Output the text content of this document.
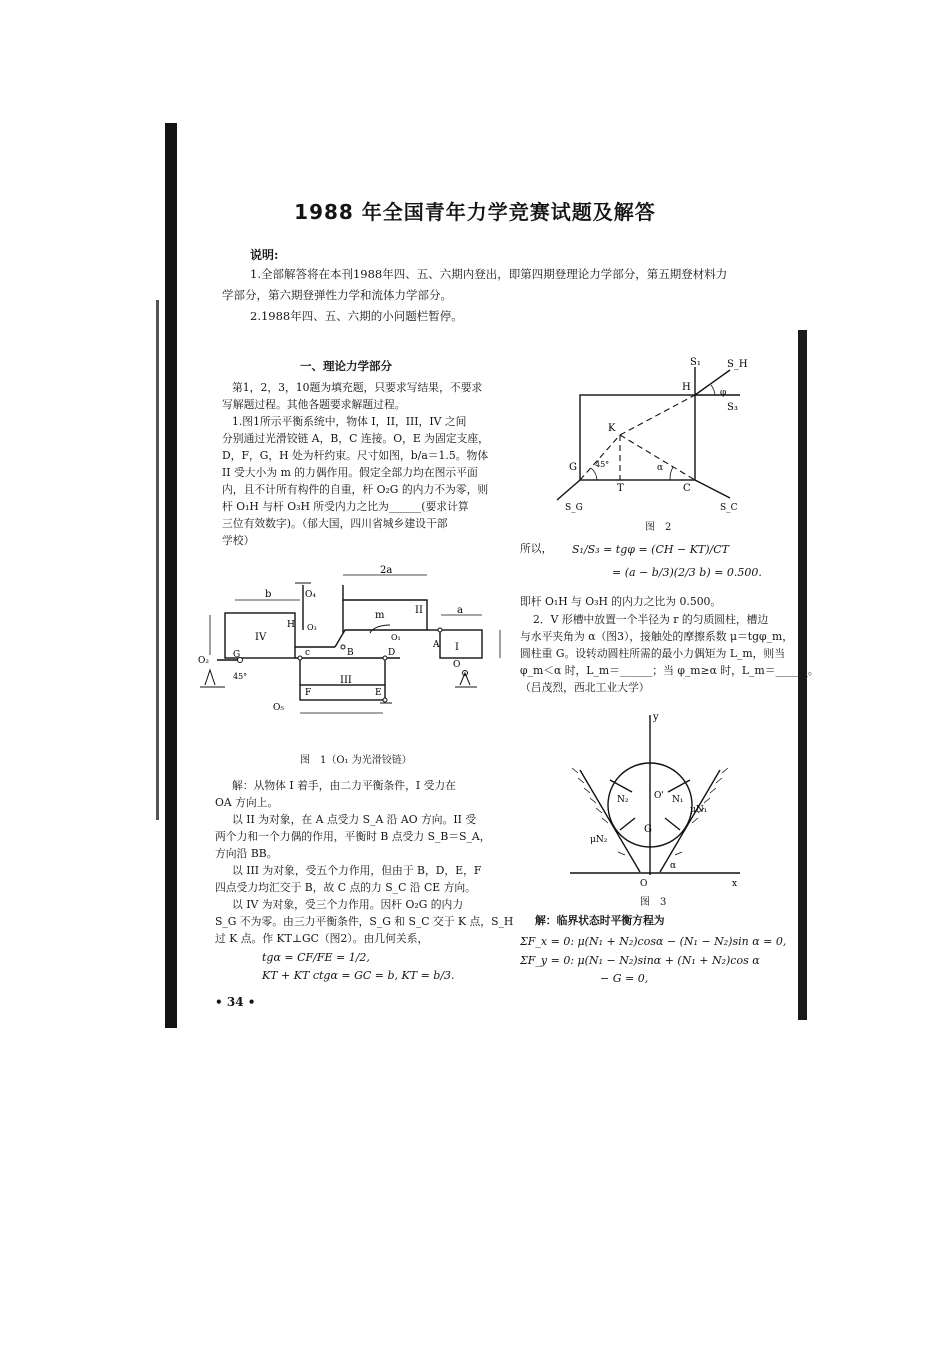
1988 年全国青年力学竞赛试题及解答
说明:
1.全部解答将在本刊1988年四、五、六期内登出，即第四期登理论力学部分，第五期登材料力
学部分，第六期登弹性力学和流体力学部分。
2.1988年四、五、六期的小问题栏暂停。
一、理论力学部分
第1，2，3，10题为填充题，只要求写结果，不要求
写解题过程。其他各题要求解题过程。
1.图1所示平衡系统中，物体 I，II，III，IV 之间
分别通过光滑铰链 A，B，C 连接。O，E 为固定支座，
D，F，G，H 处为杆约束。尺寸如图，b/a＝1.5。物体
II 受大小为 m 的力偶作用。假定全部力均在图示平面
内，且不计所有构件的自重，杆 O₂G 的内力不为零，则
杆 O₁H 与杆 O₃H 所受内力之比为______(要求计算
三位有效数字)。（郁大国，四川省城乡建设干部
学校）
b
2a
a
O₄
H O₃
IV
II
I
III
m
O₁
O₂
G	c	B	D
A
O
F	E
O₅
45°
图　1（O₁ 为光滑铰链）
解：从物体 I 着手，由二力平衡条件，I 受力在
OA 方向上。
以 II 为对象，在 A 点受力 S_A 沿 AO 方向。II 受
两个力和一个力偶的作用，平衡时 B 点受力 S_B＝S_A，
方向沿 BB。
以 III 为对象，受五个力作用，但由于 B，D，E，F
四点受力均汇交于 B，故 C 点的力 S_C 沿 CE 方向。
以 IV 为对象，受三个力作用。因杆 O₂G 的内力
S_G 不为零。由三力平衡条件，S_G 和 S_C 交于 K 点，S_H
过 K 点。作 KT⊥GC（图2）。由几何关系，
tgα = CF/FE = 1/2,
KT + KT ctgα = GC = b, KT = b/3.
• 34 •
S₁	S_H
S₃
H	φ
K
G 45°	α
T	C
S_G	S_C
图　2
所以， S₁/S₃ = tgφ = (CH − KT)/CT
= (a − b/3)(2/3 b) = 0.500.
即杆 O₁H 与 O₃H 的内力之比为 0.500。
2．V 形槽中放置一个半径为 r 的匀质圆柱，槽边
与水平夹角为 α（图3），接触处的摩擦系数 μ＝tgφ_m，
圆柱重 G。设转动圆柱所需的最小力偶矩为 L_m，则当
φ_m＜α 时，L_m＝______；当 φ_m≥α 时，L_m＝______。
（吕茂烈，西北工业大学）
y
N₂	O' N₁
G
μN₂
μN₁
α
O	x
图　3
解：临界状态时平衡方程为
ΣF_x = 0: μ(N₁ + N₂)cosα − (N₁ − N₂)sin α = 0,
ΣF_y = 0: μ(N₁ − N₂)sinα + (N₁ + N₂)cos α
− G = 0,
